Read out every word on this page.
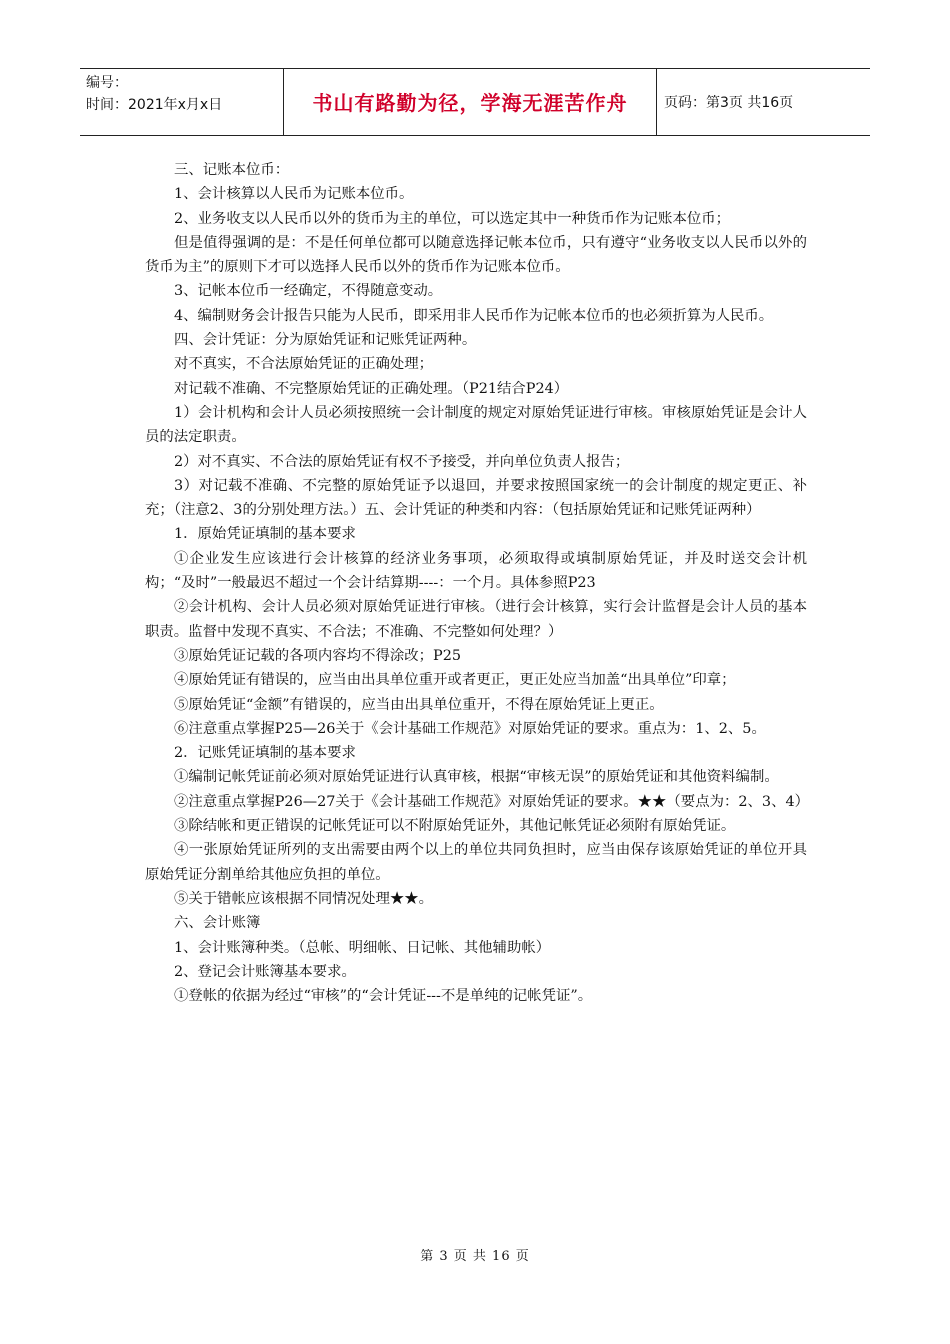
编号：
时间：2021年x月x日	书山有路勤为径，学海无涯苦作舟	页码：第3页 共16页

三、记账本位币：

1、会计核算以人民币为记账本位币。

2、业务收支以人民币以外的货币为主的单位，可以选定其中一种货币作为记账本位币；

但是值得强调的是：不是任何单位都可以随意选择记帐本位币，只有遵守“业务收支以人民币以外的货币为主”的原则下才可以选择人民币以外的货币作为记账本位币。

3、记帐本位币一经确定，不得随意变动。

4、编制财务会计报告只能为人民币，即采用非人民币作为记帐本位币的也必须折算为人民币。

四、会计凭证：分为原始凭证和记账凭证两种。

对不真实，不合法原始凭证的正确处理；

对记载不准确、不完整原始凭证的正确处理。（P21结合P24）

1）会计机构和会计人员必须按照统一会计制度的规定对原始凭证进行审核。审核原始凭证是会计人员的法定职责。

2）对不真实、不合法的原始凭证有权不予接受，并向单位负责人报告；

3）对记载不准确、不完整的原始凭证予以退回，并要求按照国家统一的会计制度的规定更正、补充；（注意2、3的分别处理方法。）五、会计凭证的种类和内容：（包括原始凭证和记账凭证两种）

1．原始凭证填制的基本要求

①企业发生应该进行会计核算的经济业务事项，必须取得或填制原始凭证，并及时送交会计机构；“及时”一般最迟不超过一个会计结算期----：一个月。具体参照P23

②会计机构、会计人员必须对原始凭证进行审核。（进行会计核算，实行会计监督是会计人员的基本职责。监督中发现不真实、不合法；不准确、不完整如何处理？）

③原始凭证记载的各项内容均不得涂改；P25

④原始凭证有错误的，应当由出具单位重开或者更正，更正处应当加盖“出具单位”印章；

⑤原始凭证“金额”有错误的，应当由出具单位重开，不得在原始凭证上更正。

⑥注意重点掌握P25—26关于《会计基础工作规范》对原始凭证的要求。重点为：1、2、5。

2．记账凭证填制的基本要求

①编制记帐凭证前必须对原始凭证进行认真审核，根据“审核无误”的原始凭证和其他资料编制。

②注意重点掌握P26—27关于《会计基础工作规范》对原始凭证的要求。★★（要点为：2、3、4）

③除结帐和更正错误的记帐凭证可以不附原始凭证外，其他记帐凭证必须附有原始凭证。

④一张原始凭证所列的支出需要由两个以上的单位共同负担时，应当由保存该原始凭证的单位开具原始凭证分割单给其他应负担的单位。

⑤关于错帐应该根据不同情况处理★★。

六、会计账簿

1、会计账簿种类。（总帐、明细帐、日记帐、其他辅助帐）

2、登记会计账簿基本要求。

①登帐的依据为经过“审核”的“会计凭证---不是单纯的记帐凭证”。

第 3 页 共 16 页
